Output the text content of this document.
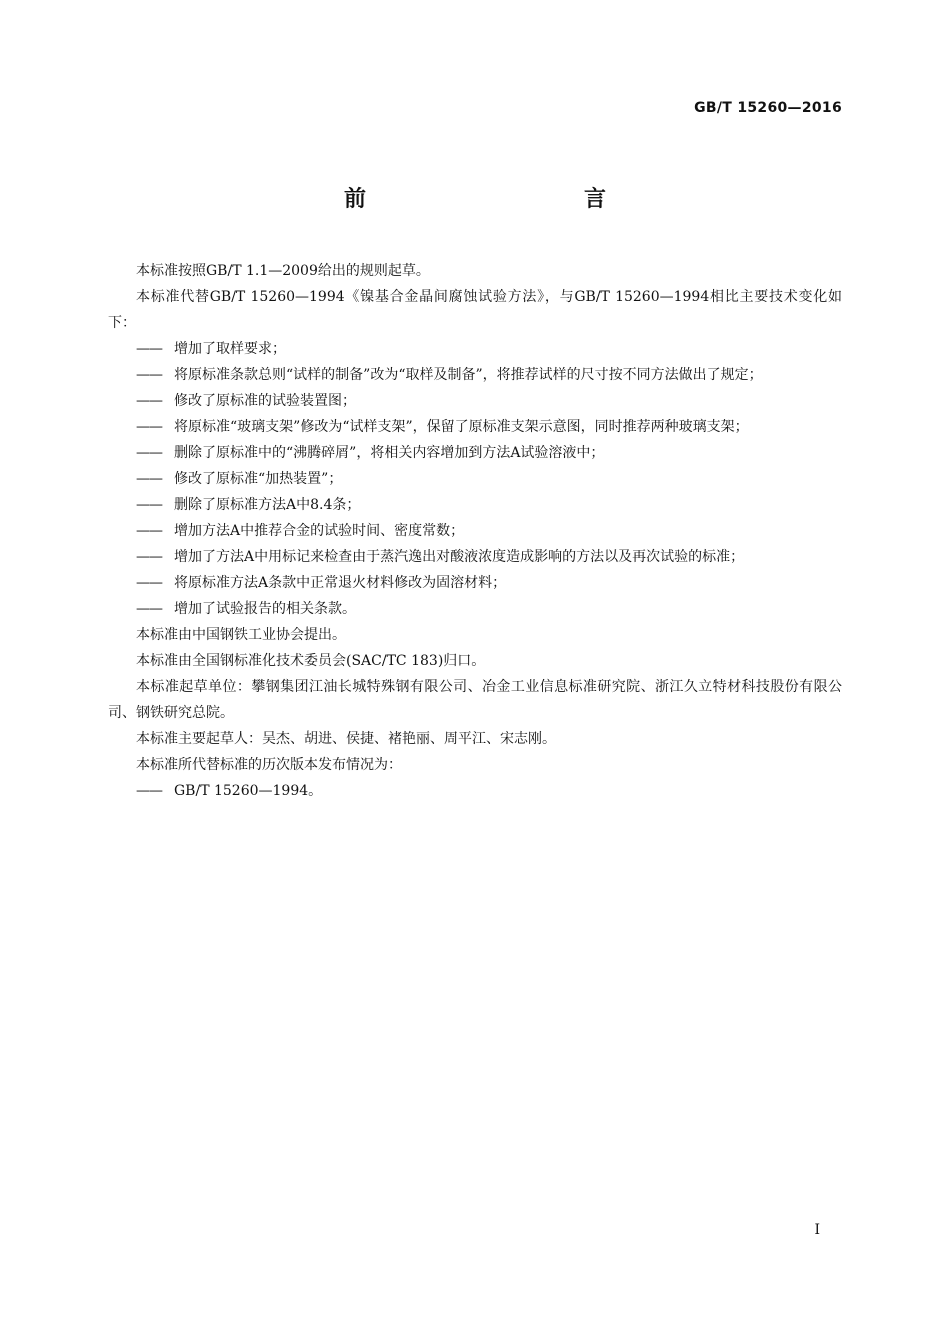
GB/T 15260—2016
前　　言
本标准按照GB/T 1.1—2009给出的规则起草。
本标准代替GB/T 15260—1994《镍基合金晶间腐蚀试验方法》，与GB/T 15260—1994相比主要技术变化如下：
—— 增加了取样要求；
—— 将原标准条款总则“试样的制备”改为“取样及制备”，将推荐试样的尺寸按不同方法做出了规定；
—— 修改了原标准的试验装置图；
—— 将原标准“玻璃支架”修改为“试样支架”，保留了原标准支架示意图，同时推荐两种玻璃支架；
—— 删除了原标准中的“沸腾碎屑”，将相关内容增加到方法A试验溶液中；
—— 修改了原标准“加热装置”；
—— 删除了原标准方法A中8.4条；
—— 增加方法A中推荐合金的试验时间、密度常数；
—— 增加了方法A中用标记来检查由于蒸汽逸出对酸液浓度造成影响的方法以及再次试验的标准；
—— 将原标准方法A条款中正常退火材料修改为固溶材料；
—— 增加了试验报告的相关条款。
本标准由中国钢铁工业协会提出。
本标准由全国钢标准化技术委员会(SAC/TC 183)归口。
本标准起草单位：攀钢集团江油长城特殊钢有限公司、冶金工业信息标准研究院、浙江久立特材科技股份有限公司、钢铁研究总院。
本标准主要起草人：吴杰、胡进、侯捷、褚艳丽、周平江、宋志刚。
本标准所代替标准的历次版本发布情况为：
—— GB/T 15260—1994。
I
